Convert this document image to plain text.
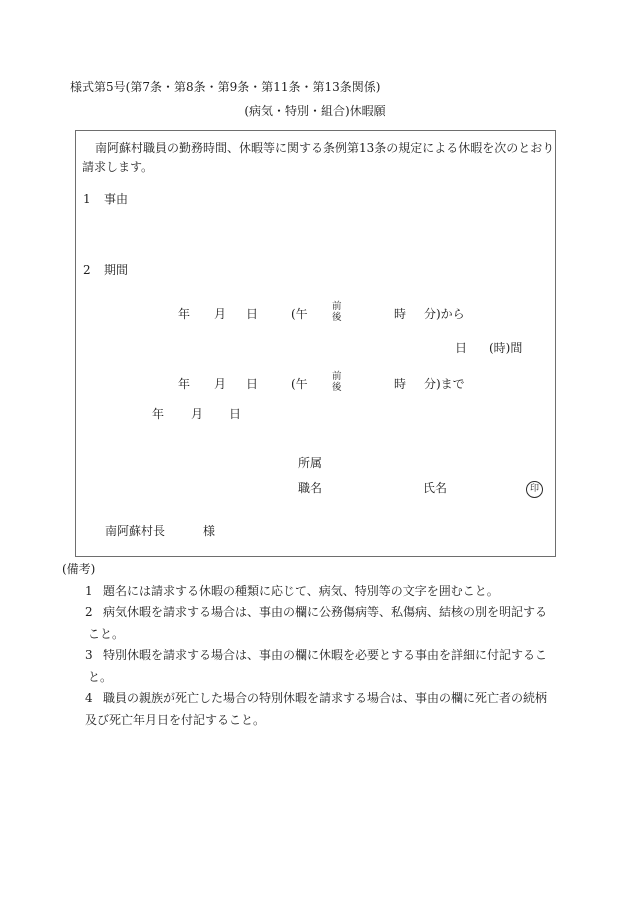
様式第5号(第7条・第8条・第9条・第11条・第13条関係)
(病気・特別・組合)休暇願
南阿蘇村職員の勤務時間、休暇等に関する条例第13条の規定による休暇を次のとおり
請求します。
1 事由
2 期間
年 月 日	(午
前
後	時 分)から
日 (時)間
年 月 日	(午
前
後	時 分)まで
年 月 日
所属
職名	氏名	印
南阿蘇村長	様
(備考)
1 題名には請求する休暇の種類に応じて、病気、特別等の文字を囲むこと。
2 病気休暇を請求する場合は、事由の欄に公務傷病等、私傷病、結核の別を明記する
こと。
3 特別休暇を請求する場合は、事由の欄に休暇を必要とする事由を詳細に付記するこ
と。
4 職員の親族が死亡した場合の特別休暇を請求する場合は、事由の欄に死亡者の続柄
及び死亡年月日を付記すること。
